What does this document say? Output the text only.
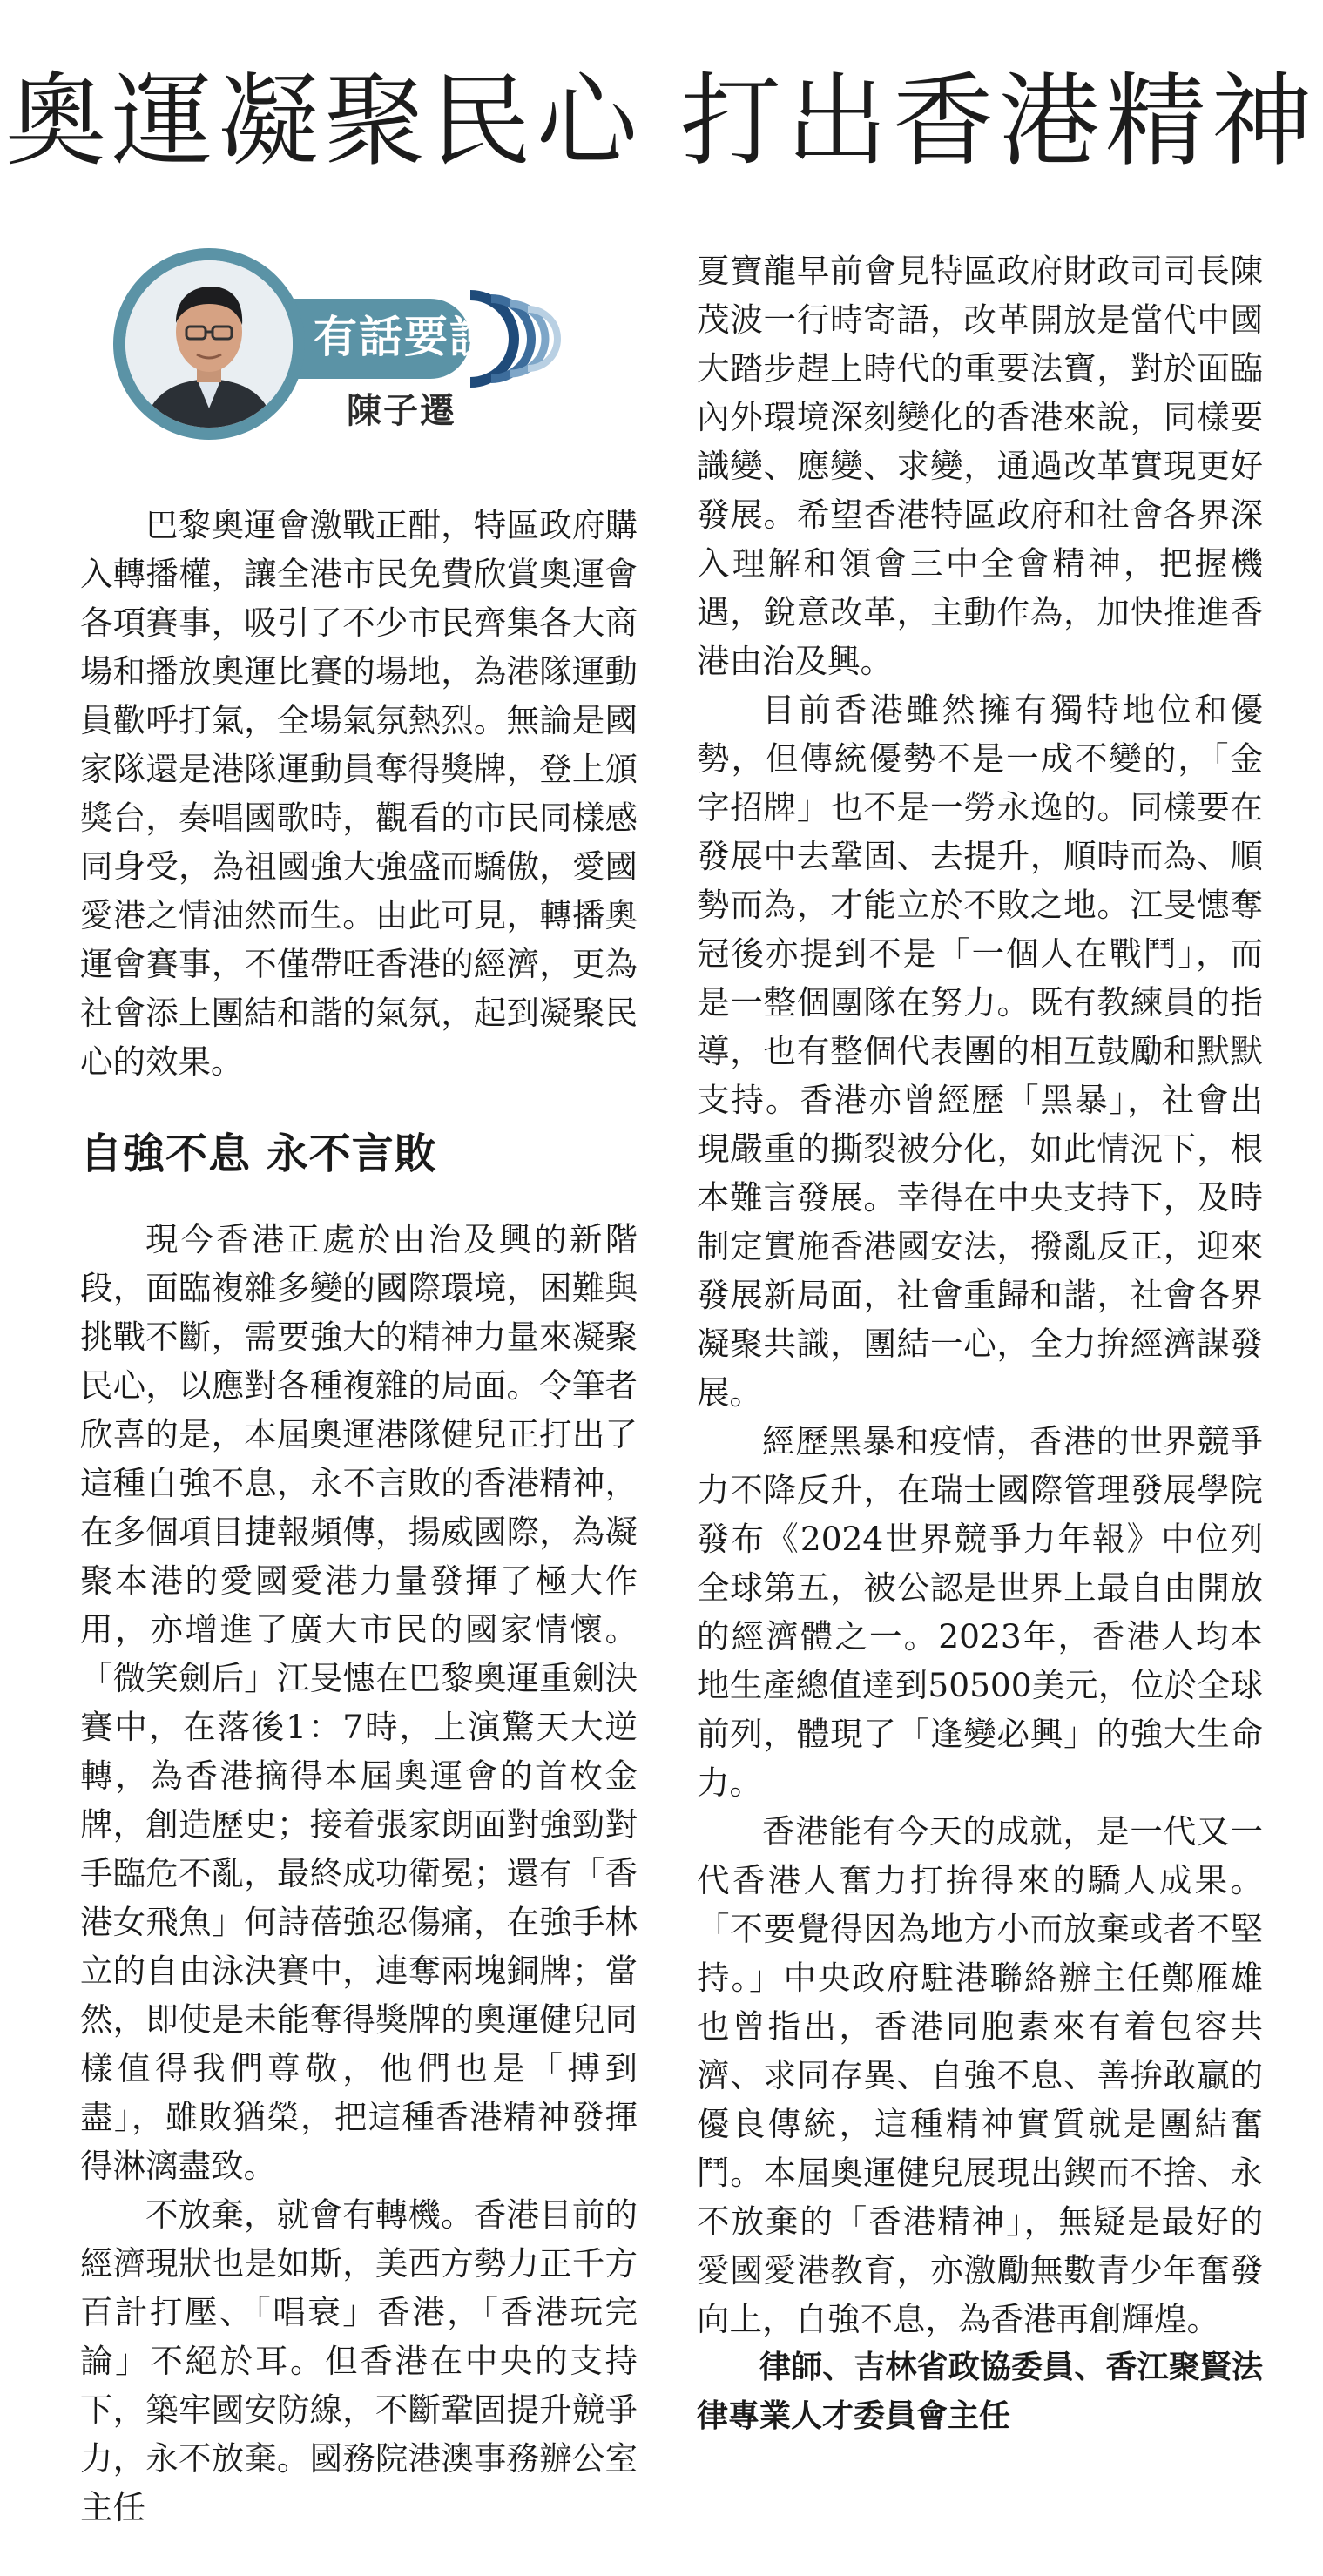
奧運凝聚民心 打出香港精神
有話要說
陳子遷

巴黎奧運會激戰正酣，特區政府購入轉播權，讓全港市民免費欣賞奧運會各項賽事，吸引了不少市民齊集各大商場和播放奧運比賽的場地，為港隊運動員歡呼打氣，全場氣氛熱烈。無論是國家隊還是港隊運動員奪得獎牌，登上頒獎台，奏唱國歌時，觀看的市民同樣感同身受，為祖國強大強盛而驕傲，愛國愛港之情油然而生。由此可見，轉播奧運會賽事，不僅帶旺香港的經濟，更為社會添上團結和諧的氣氛，起到凝聚民心的效果。

自強不息 永不言敗

現今香港正處於由治及興的新階段，面臨複雜多變的國際環境，困難與挑戰不斷，需要強大的精神力量來凝聚民心，以應對各種複雜的局面。令筆者欣喜的是，本屆奧運港隊健兒正打出了這種自強不息，永不言敗的香港精神，在多個項目捷報頻傳，揚威國際，為凝聚本港的愛國愛港力量發揮了極大作用，亦增進了廣大市民的國家情懷。「微笑劍后」江旻憓在巴黎奧運重劍決賽中，在落後1：7時，上演驚天大逆轉，為香港摘得本屆奧運會的首枚金牌，創造歷史；接着張家朗面對強勁對手臨危不亂，最終成功衛冕；還有「香港女飛魚」何詩蓓強忍傷痛，在強手林立的自由泳決賽中，連奪兩塊銅牌；當然，即使是未能奪得獎牌的奧運健兒同樣值得我們尊敬，他們也是「搏到盡」，雖敗猶榮，把這種香港精神發揮得淋漓盡致。

不放棄，就會有轉機。香港目前的經濟現狀也是如斯，美西方勢力正千方百計打壓、「唱衰」香港，「香港玩完論」不絕於耳。但香港在中央的支持下，築牢國安防線，不斷鞏固提升競爭力，永不放棄。國務院港澳事務辦公室主任

夏寶龍早前會見特區政府財政司司長陳茂波一行時寄語，改革開放是當代中國大踏步趕上時代的重要法寶，對於面臨內外環境深刻變化的香港來說，同樣要識變、應變、求變，通過改革實現更好發展。希望香港特區政府和社會各界深入理解和領會三中全會精神，把握機遇，銳意改革，主動作為，加快推進香港由治及興。

目前香港雖然擁有獨特地位和優勢，但傳統優勢不是一成不變的，「金字招牌」也不是一勞永逸的。同樣要在發展中去鞏固、去提升，順時而為、順勢而為，才能立於不敗之地。江旻憓奪冠後亦提到不是「一個人在戰鬥」，而是一整個團隊在努力。既有教練員的指導，也有整個代表團的相互鼓勵和默默支持。香港亦曾經歷「黑暴」，社會出現嚴重的撕裂被分化，如此情況下，根本難言發展。幸得在中央支持下，及時制定實施香港國安法，撥亂反正，迎來發展新局面，社會重歸和諧，社會各界凝聚共識，團結一心，全力拚經濟謀發展。

經歷黑暴和疫情，香港的世界競爭力不降反升，在瑞士國際管理發展學院發布《2024世界競爭力年報》中位列全球第五，被公認是世界上最自由開放的經濟體之一。2023年，香港人均本地生產總值達到50500美元，位於全球前列，體現了「逢變必興」的強大生命力。

香港能有今天的成就，是一代又一代香港人奮力打拚得來的驕人成果。「不要覺得因為地方小而放棄或者不堅持。」中央政府駐港聯絡辦主任鄭雁雄也曾指出，香港同胞素來有着包容共濟、求同存異、自強不息、善拚敢贏的優良傳統，這種精神實質就是團結奮鬥。本屆奧運健兒展現出鍥而不捨、永不放棄的「香港精神」，無疑是最好的愛國愛港教育，亦激勵無數青少年奮發向上，自強不息，為香港再創輝煌。

律師、吉林省政協委員、香江聚賢法律專業人才委員會主任
